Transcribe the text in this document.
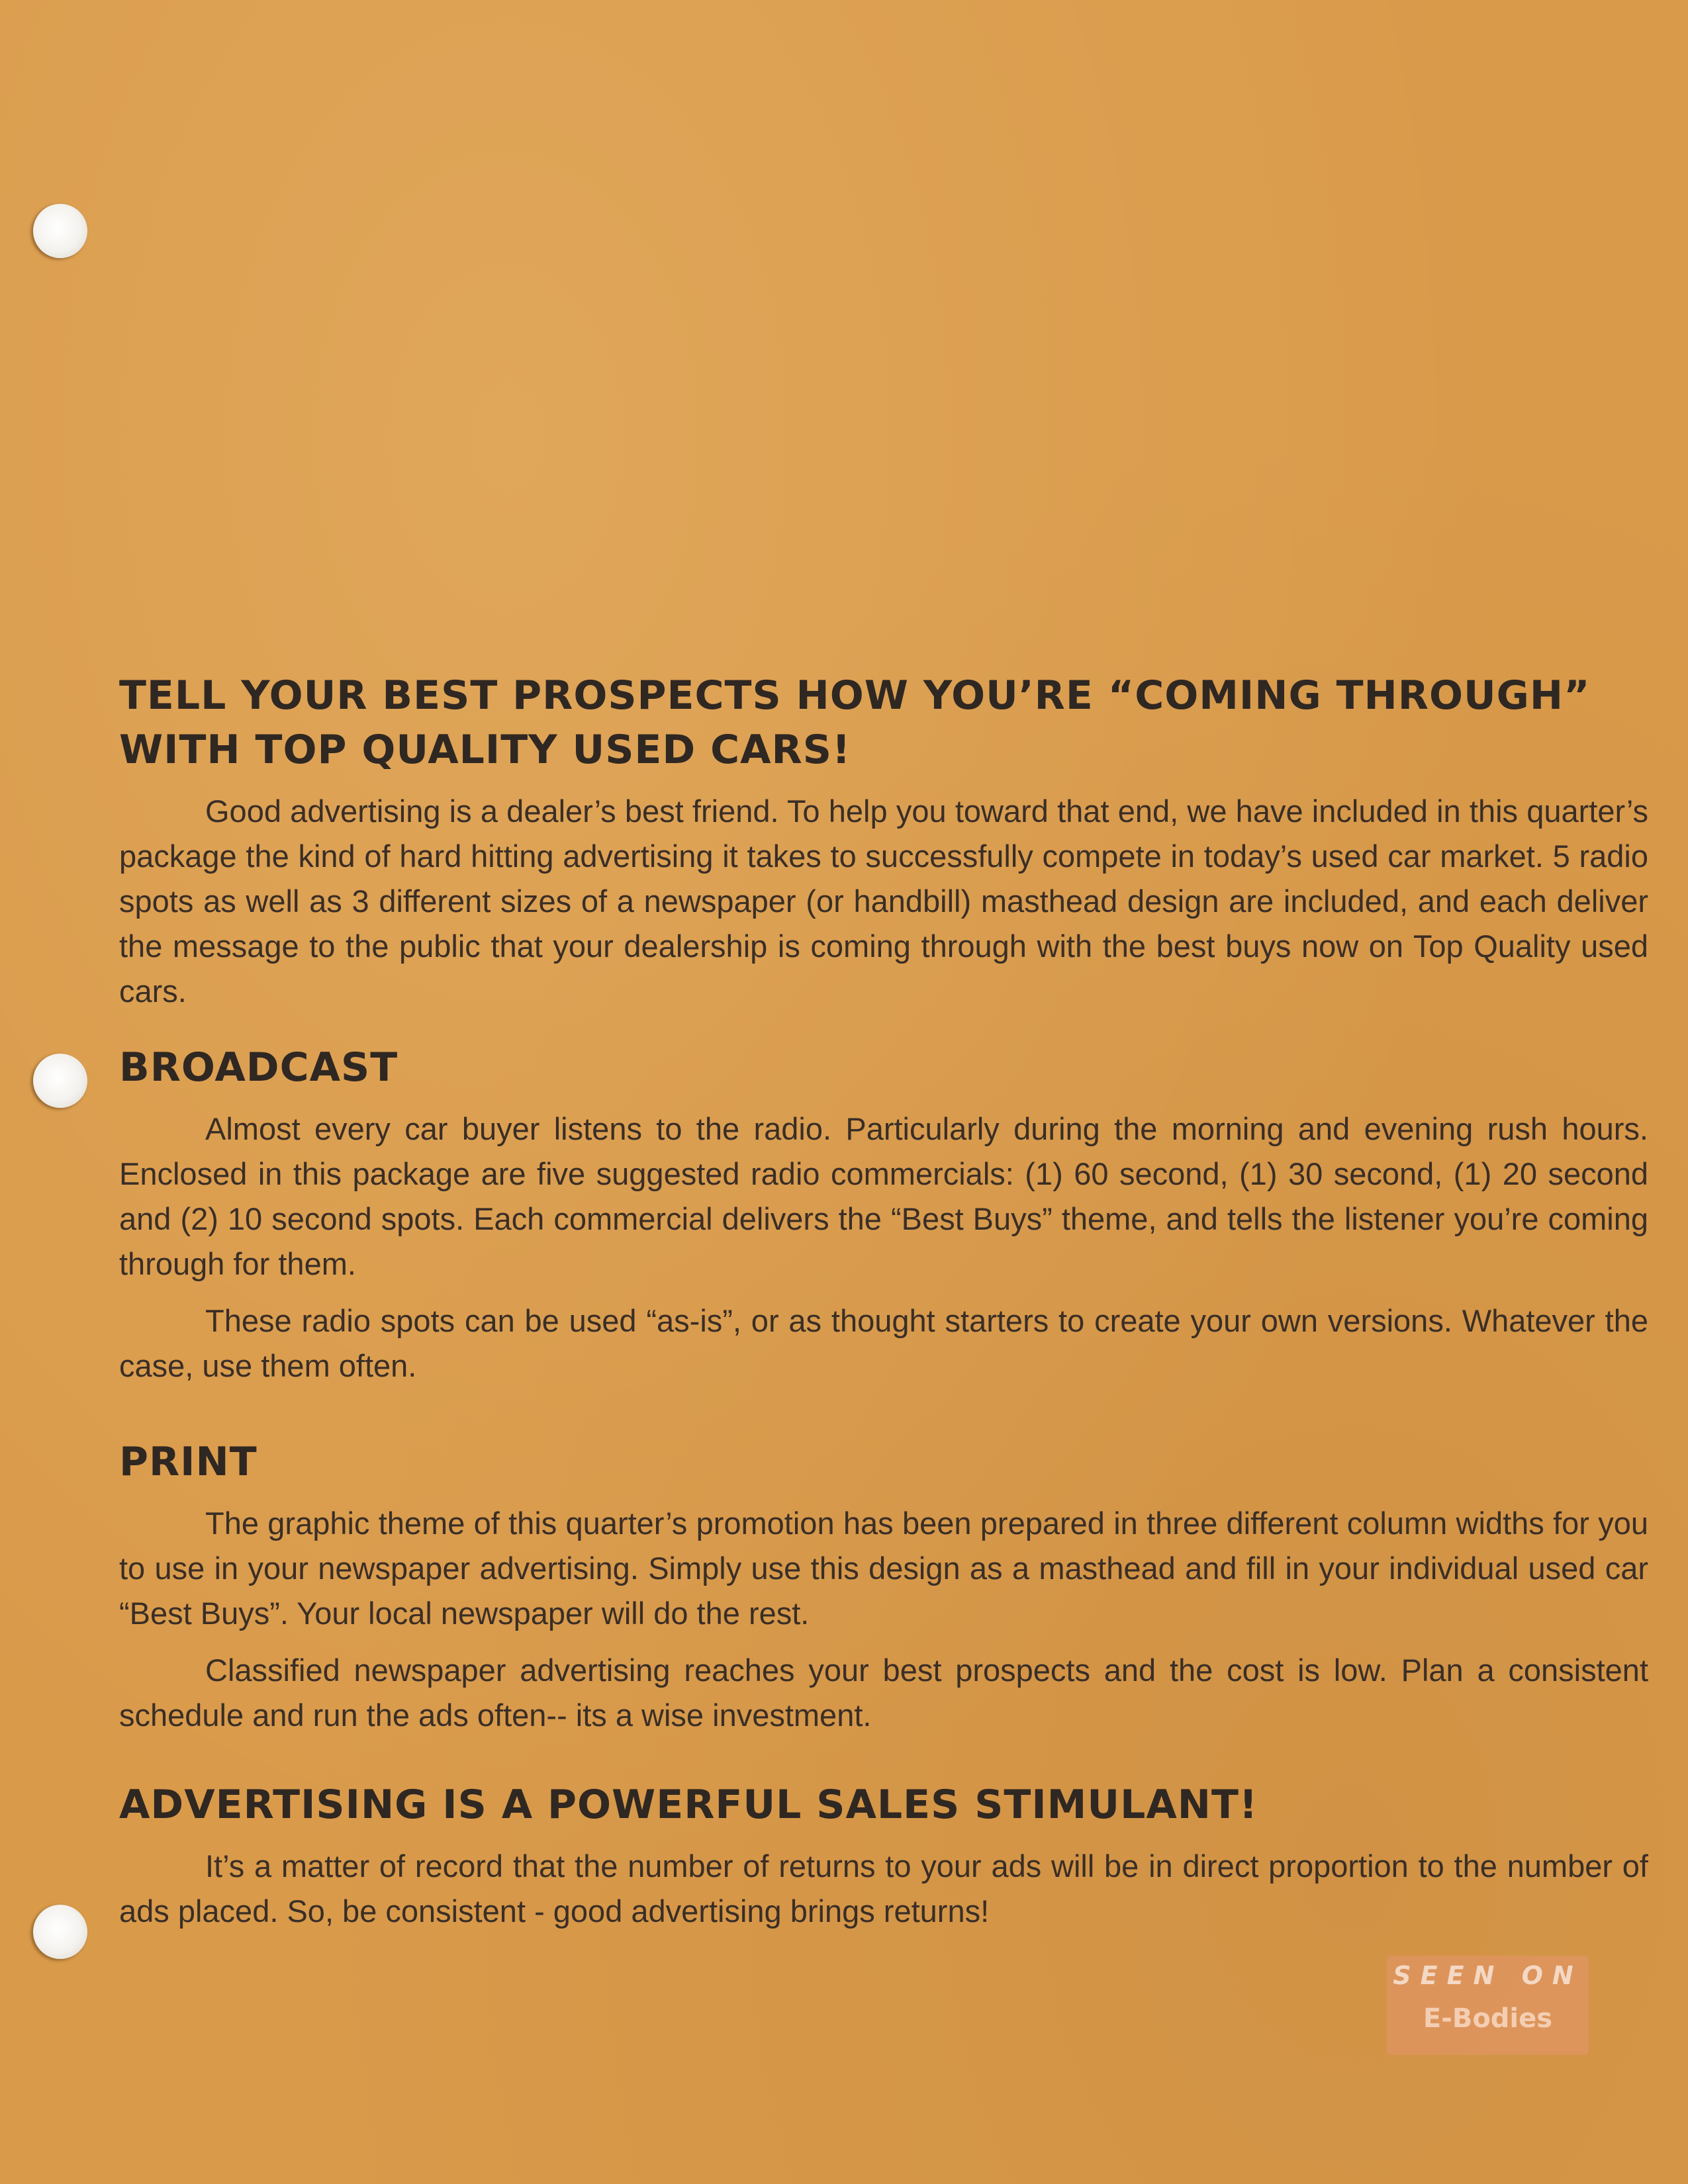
TELL YOUR BEST PROSPECTS HOW YOU’RE “COMING THROUGH”
WITH TOP QUALITY USED CARS!

Good advertising is a dealer’s best friend. To help you toward that end, we have included in this quarter’s package the kind of hard hitting advertising it takes to successfully compete in today’s used car market. 5 radio spots as well as 3 different sizes of a newspaper (or handbill) masthead design are included, and each deliver the message to the public that your dealership is coming through with the best buys now on Top Quality used cars.

BROADCAST

Almost every car buyer listens to the radio. Particularly during the morning and evening rush hours. Enclosed in this package are five suggested radio commercials: (1) 60 second, (1) 30 second, (1) 20 second and (2) 10 second spots. Each commercial delivers the “Best Buys” theme, and tells the listener you’re coming through for them.

These radio spots can be used “as-is”, or as thought starters to create your own versions. Whatever the case, use them often.

PRINT

The graphic theme of this quarter’s promotion has been prepared in three different column widths for you to use in your newspaper advertising. Simply use this design as a masthead and fill in your individual used car “Best Buys”. Your local newspaper will do the rest.

Classified newspaper advertising reaches your best prospects and the cost is low. Plan a consistent schedule and run the ads often-- its a wise investment.

ADVERTISING IS A POWERFUL SALES STIMULANT!

It’s a matter of record that the number of returns to your ads will be in direct proportion to the number of ads placed. So, be consistent - good advertising brings returns!

SEEN ON
E-Bodies
